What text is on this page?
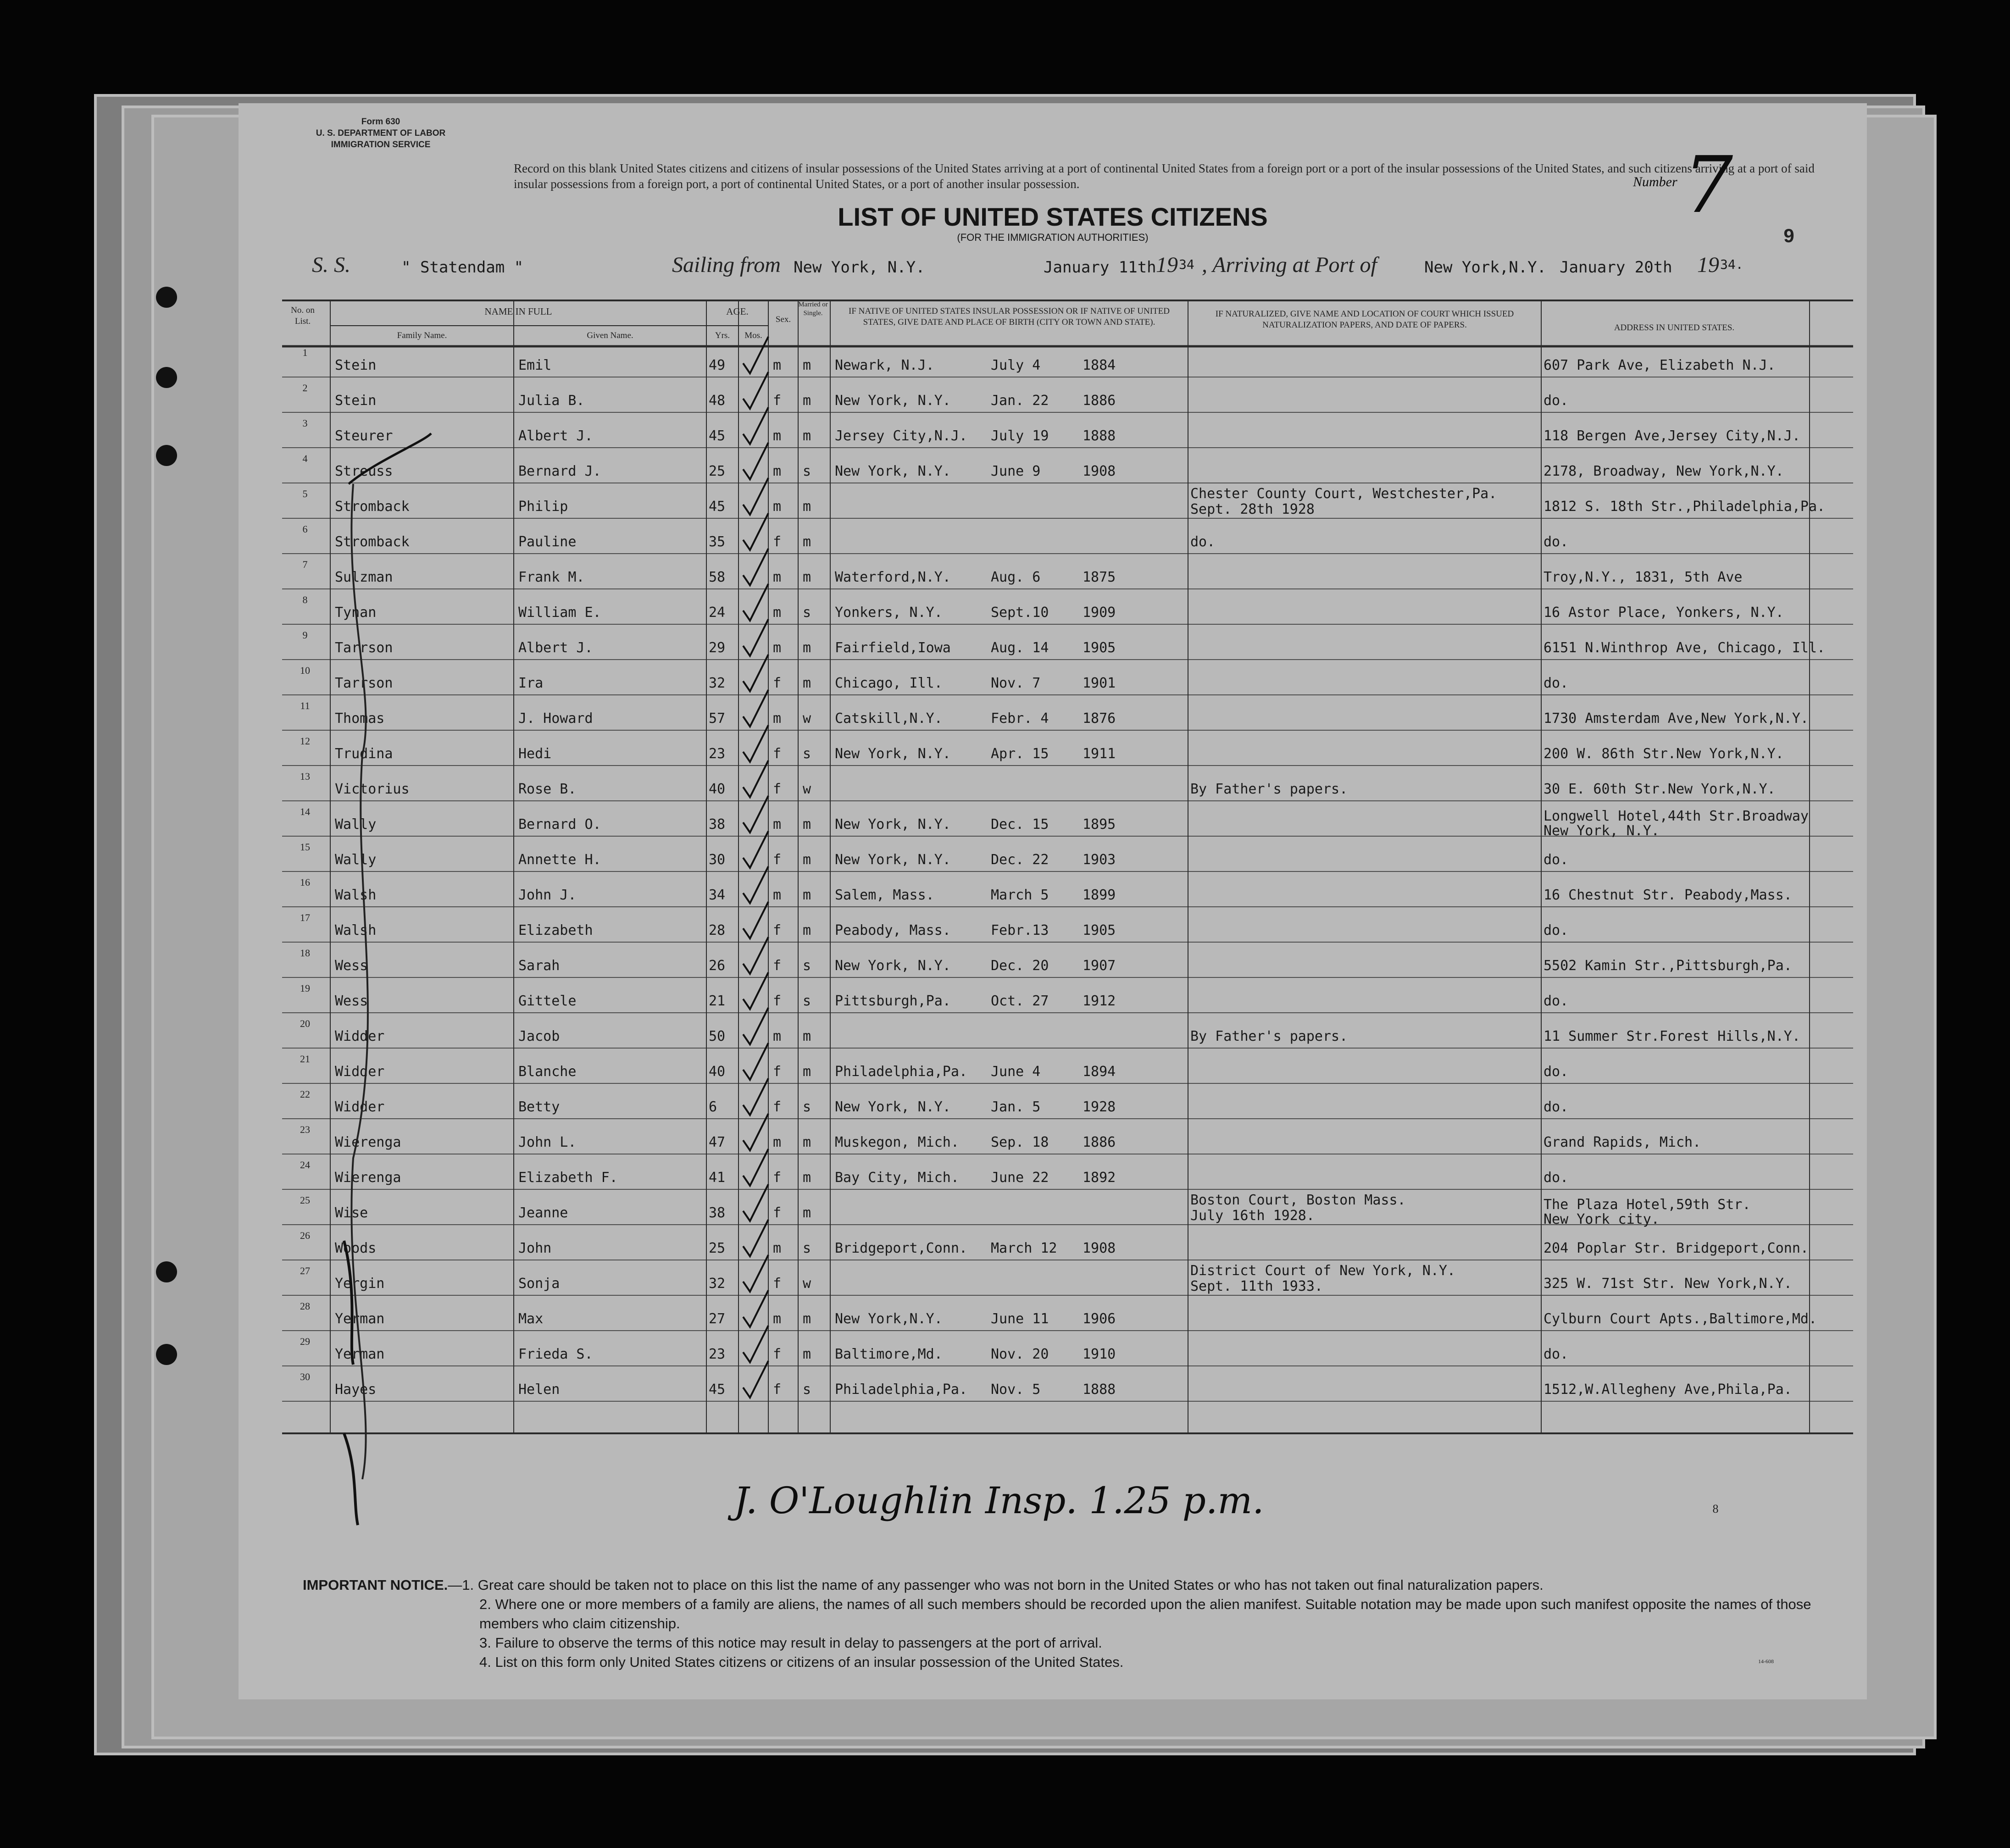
Form 630
U. S. DEPARTMENT OF LABOR
IMMIGRATION SERVICE
Record on this blank United States citizens and citizens of insular possessions of the United States arriving at a port of continental United States from a foreign port or a port of the insular possessions of the United States, and such citizens arriving at a port of said insular possessions from a foreign port, a port of continental United States, or a port of another insular possession.	Number 7
LIST OF UNITED STATES CITIZENS
(FOR THE IMMIGRATION AUTHORITIES)	9
S. S.	" Statendam "	Sailing from New York, N.Y.	January 11th 19 34 , Arriving at Port of	New York,N.Y. January 20th 19 34.
No. on List.
NAME IN FULL
Family Name.	Given Name.
AGE.
Yrs.	Mos.
Sex.
Married or Single.	IF NATIVE OF UNITED STATES INSULAR POSSESSION OR IF NATIVE OF UNITED STATES, GIVE DATE AND PLACE OF BIRTH (CITY OR TOWN AND STATE).
IF NATURALIZED, GIVE NAME AND LOCATION OF COURT WHICH ISSUED NATURALIZATION PAPERS, AND DATE OF PAPERS.	ADDRESS IN UNITED STATES.
1
Stein	Emil	49	m m Newark, N.J.	July 4	1884	607 Park Ave, Elizabeth N.J.
2
Stein	Julia B.	48	f m New York, N.Y.	Jan. 22 1886	do.
3
Steurer	Albert J.	45	m m Jersey City,N.J. July 19 1888	118 Bergen Ave,Jersey City,N.J.
4
Streuss	Bernard J.	25	m s New York, N.Y.	June 9	1908	2178, Broadway, New York,N.Y.
5
Stromback	Philip	45	m m
Chester County Court, Westchester,Pa.
Sept. 28th 1928	1812 S. 18th Str.,Philadelphia,Pa.
6
Stromback	Pauline	35	f m	do.	do.
7
Sulzman	Frank M.	58	m m Waterford,N.Y.	Aug. 6	1875	Troy,N.Y., 1831, 5th Ave
8
Tynan	William E.	24	m s Yonkers, N.Y.	Sept.10 1909	16 Astor Place, Yonkers, N.Y.
9
Tarrson	Albert J.	29	m m Fairfield,Iowa	Aug. 14 1905	6151 N.Winthrop Ave, Chicago, Ill.
10
Tarrson	Ira	32	f m Chicago, Ill.	Nov. 7	1901	do.
11
Thomas	J. Howard	57	m w Catskill,N.Y.	Febr. 4 1876	1730 Amsterdam Ave,New York,N.Y.
12
Trudina	Hedi	23	f s New York, N.Y.	Apr. 15 1911	200 W. 86th Str.New York,N.Y.
13
Victorius	Rose B.	40	f w	By Father's papers.	30 E. 60th Str.New York,N.Y.
14
Wally	Bernard O.	38	m m New York, N.Y.	Dec. 15 1895
Longwell Hotel,44th Str.Broadway
New York, N.Y.
15
Wally	Annette H.	30	f m New York, N.Y.	Dec. 22 1903	do.
16
Walsh	John J.	34	m m Salem, Mass.	March 5 1899	16 Chestnut Str. Peabody,Mass.
17
Walsh	Elizabeth	28	f m Peabody, Mass.	Febr.13 1905	do.
18
Wess	Sarah	26	f s New York, N.Y.	Dec. 20 1907	5502 Kamin Str.,Pittsburgh,Pa.
19
Wess	Gittele	21	f s Pittsburgh,Pa.	Oct. 27 1912	do.
20
Widder	Jacob	50	m m	By Father's papers.	11 Summer Str.Forest Hills,N.Y.
21
Widder	Blanche	40	f m Philadelphia,Pa. June 4	1894	do.
22
Widder	Betty	6	f s New York, N.Y.	Jan. 5	1928	do.
23
Wierenga	John L.	47	m m Muskegon, Mich. Sep. 18 1886	Grand Rapids, Mich.
24
Wierenga	Elizabeth F.	41	f m Bay City, Mich. June 22 1892	do.
25
Wise	Jeanne	38	f m
Boston Court, Boston Mass.
July 16th 1928.
The Plaza Hotel,59th Str.
New York city.
26
Woods	John	25	m s Bridgeport,Conn. March 12 1908	204 Poplar Str. Bridgeport,Conn.
27
Yergin	Sonja	32	f w
District Court of New York, N.Y.
Sept. 11th 1933.	325 W. 71st Str. New York,N.Y.
28
Yerman	Max	27	m m New York,N.Y.	June 11 1906	Cylburn Court Apts.,Baltimore,Md.
29
Yerman	Frieda S.	23	f m Baltimore,Md.	Nov. 20 1910	do.
30
Hayes	Helen	45	f s Philadelphia,Pa. Nov. 5	1888	1512,W.Allegheny Ave,Phila,Pa.
J. O'Loughlin Insp. 1.25 p.m.	8
14-608
IMPORTANT NOTICE.—1. Great care should be taken not to place on this list the name of any passenger who was not born in the United States or who has not taken out final naturalization papers.
2. Where one or more members of a family are aliens, the names of all such members should be recorded upon the alien manifest. Suitable notation may be made upon such manifest opposite the names of those members who claim citizenship.
3. Failure to observe the terms of this notice may result in delay to passengers at the port of arrival.
4. List on this form only United States citizens or citizens of an insular possession of the United States.
